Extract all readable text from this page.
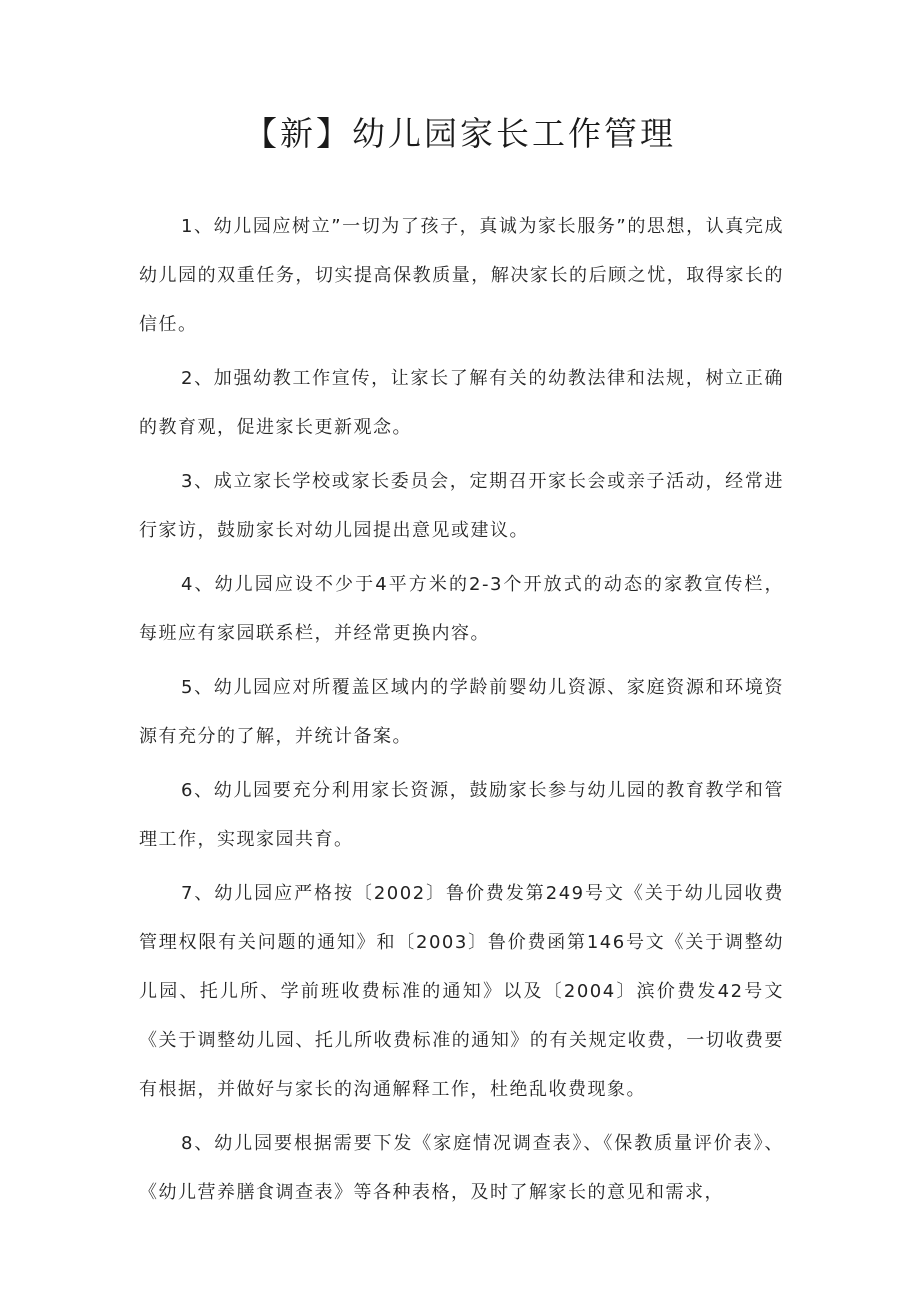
【新】幼儿园家长工作管理

1、幼儿园应树立”一切为了孩子，真诚为家长服务”的思想，认真完成幼儿园的双重任务，切实提高保教质量，解决家长的后顾之忧，取得家长的信任。

2、加强幼教工作宣传，让家长了解有关的幼教法律和法规，树立正确的教育观，促进家长更新观念。

3、成立家长学校或家长委员会，定期召开家长会或亲子活动，经常进行家访，鼓励家长对幼儿园提出意见或建议。

4、幼儿园应设不少于4平方米的2-3个开放式的动态的家教宣传栏，每班应有家园联系栏，并经常更换内容。

5、幼儿园应对所覆盖区域内的学龄前婴幼儿资源、家庭资源和环境资源有充分的了解，并统计备案。

6、幼儿园要充分利用家长资源，鼓励家长参与幼儿园的教育教学和管理工作，实现家园共育。

7、幼儿园应严格按〔2002〕鲁价费发第249号文《关于幼儿园收费管理权限有关问题的通知》和〔2003〕鲁价费函第146号文《关于调整幼儿园、托儿所、学前班收费标准的通知》以及〔2004〕滨价费发42号文《关于调整幼儿园、托儿所收费标准的通知》的有关规定收费，一切收费要有根据，并做好与家长的沟通解释工作，杜绝乱收费现象。

8、幼儿园要根据需要下发《家庭情况调查表》、《保教质量评价表》、《幼儿营养膳食调查表》等各种表格，及时了解家长的意见和需求，
